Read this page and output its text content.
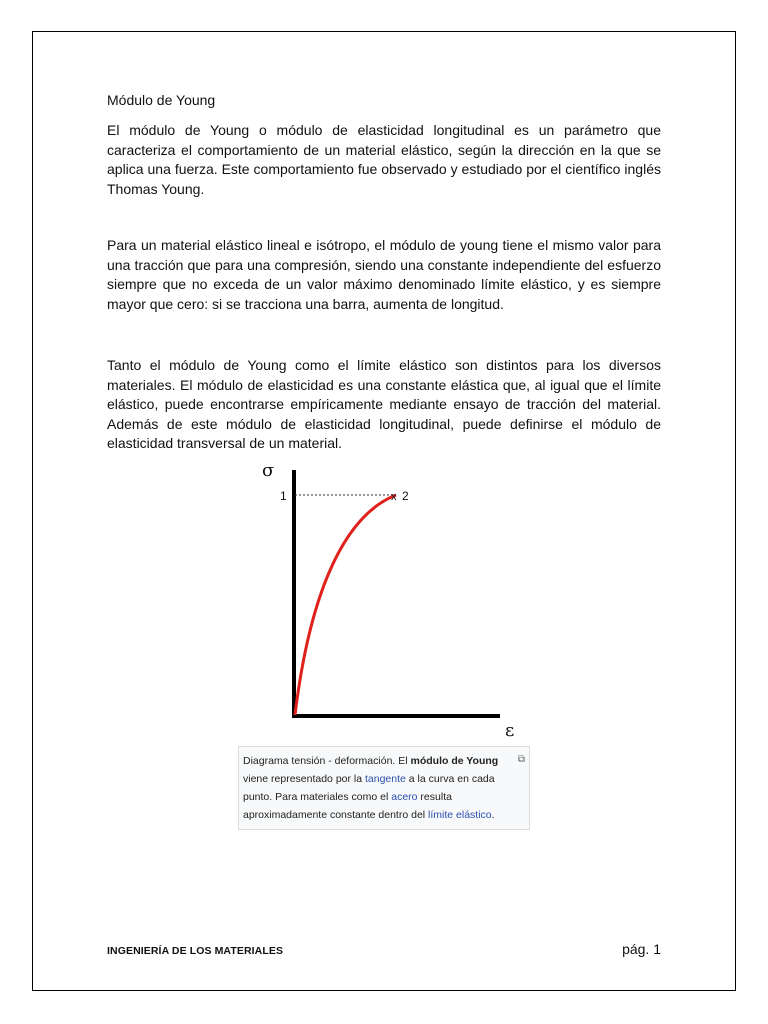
Módulo de Young

El módulo de Young o módulo de elasticidad longitudinal es un parámetro que caracteriza el comportamiento de un material elástico, según la dirección en la que se aplica una fuerza. Este comportamiento fue observado y estudiado por el científico inglés Thomas Young.

Para un material elástico lineal e isótropo, el módulo de young tiene el mismo valor para una tracción que para una compresión, siendo una constante independiente del esfuerzo siempre que no exceda de un valor máximo denominado límite elástico, y es siempre mayor que cero: si se tracciona una barra, aumenta de longitud.

Tanto el módulo de Young como el límite elástico son distintos para los diversos materiales. El módulo de elasticidad es una constante elástica que, al igual que el límite elástico, puede encontrarse empíricamente mediante ensayo de tracción del material. Además de este módulo de elasticidad longitudinal, puede definirse el módulo de elasticidad transversal de un material.

σ
ε
1	x 2
⧉
Diagrama tensión - deformación. El módulo de Young viene representado por la tangente a la curva en cada punto. Para materiales como el acero resulta aproximadamente constante dentro del límite elástico.
INGENIERÍA DE LOS MATERIALES	pág. 1
